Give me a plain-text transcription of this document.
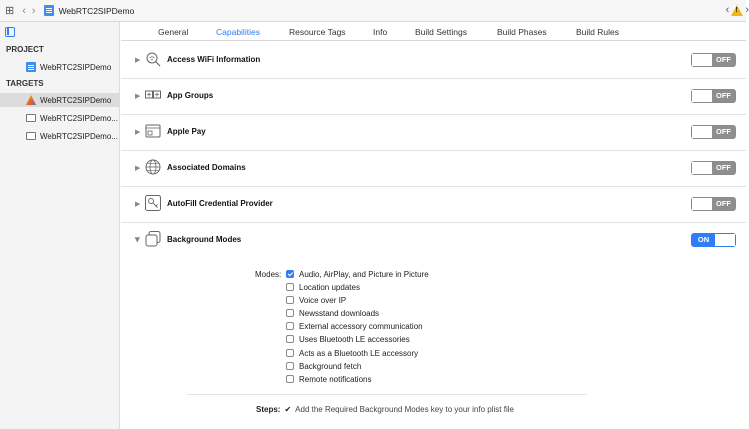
⊞ ‹ ›	WebRTC2SIPDemo	‹ ! ›
PROJECT
WebRTC2SIPDemo
TARGETS
WebRTC2SIPDemo
WebRTC2SIPDemo...
WebRTC2SIPDemo...
General	Capabilities	Resource Tags	Info	Build Settings	Build Phases	Build Rules
▶	Access WiFi Information	OFF
▶	App Groups	OFF
▶	Apple Pay	OFF
▶	Associated Domains	OFF
▶	AutoFill Credential Provider	OFF
▶	Background Modes	ON
Modes: Audio, AirPlay, and Picture in Picture
Location updates
Voice over IP
Newsstand downloads
External accessory communication
Uses Bluetooth LE accessories
Acts as a Bluetooth LE accessory
Background fetch
Remote notifications
Steps: ✔ Add the Required Background Modes key to your info plist file
